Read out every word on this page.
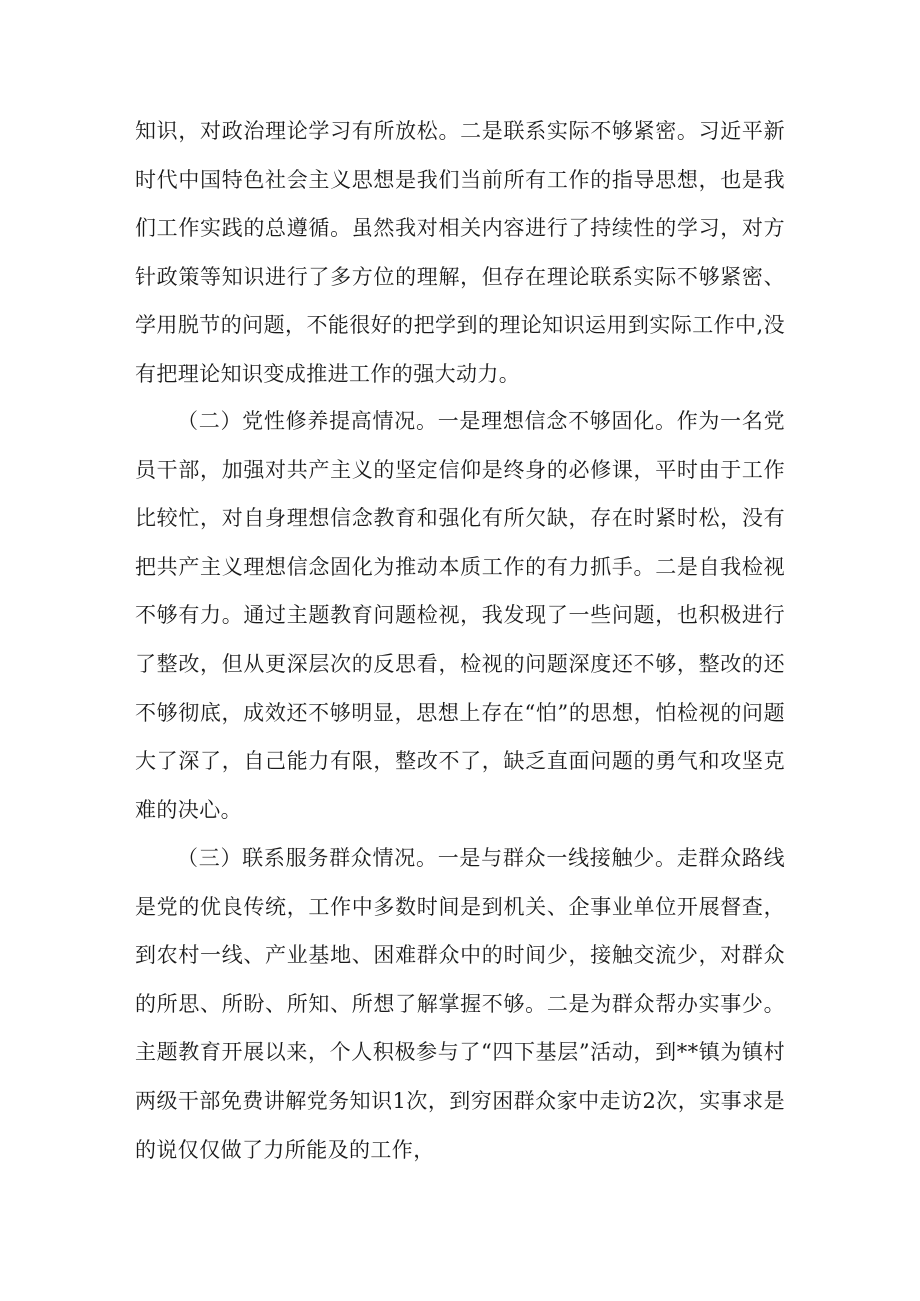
知识，对政治理论学习有所放松。二是联系实际不够紧密。习近平新时代中国特色社会主义思想是我们当前所有工作的指导思想，也是我们工作实践的总遵循。虽然我对相关内容进行了持续性的学习，对方针政策等知识进行了多方位的理解，但存在理论联系实际不够紧密、学用脱节的问题，不能很好的把学到的理论知识运用到实际工作中,没有把理论知识变成推进工作的强大动力。

（二）党性修养提高情况。一是理想信念不够固化。作为一名党员干部，加强对共产主义的坚定信仰是终身的必修课，平时由于工作比较忙，对自身理想信念教育和强化有所欠缺，存在时紧时松，没有把共产主义理想信念固化为推动本质工作的有力抓手。二是自我检视不够有力。通过主题教育问题检视，我发现了一些问题，也积极进行了整改，但从更深层次的反思看，检视的问题深度还不够，整改的还不够彻底，成效还不够明显，思想上存在“怕”的思想，怕检视的问题大了深了，自己能力有限，整改不了，缺乏直面问题的勇气和攻坚克难的决心。

（三）联系服务群众情况。一是与群众一线接触少。走群众路线是党的优良传统，工作中多数时间是到机关、企事业单位开展督查，到农村一线、产业基地、困难群众中的时间少，接触交流少，对群众的所思、所盼、所知、所想了解掌握不够。二是为群众帮办实事少。主题教育开展以来，个人积极参与了“四下基层”活动，到**镇为镇村两级干部免费讲解党务知识1次，到穷困群众家中走访2次，实事求是的说仅仅做了力所能及的工作，
